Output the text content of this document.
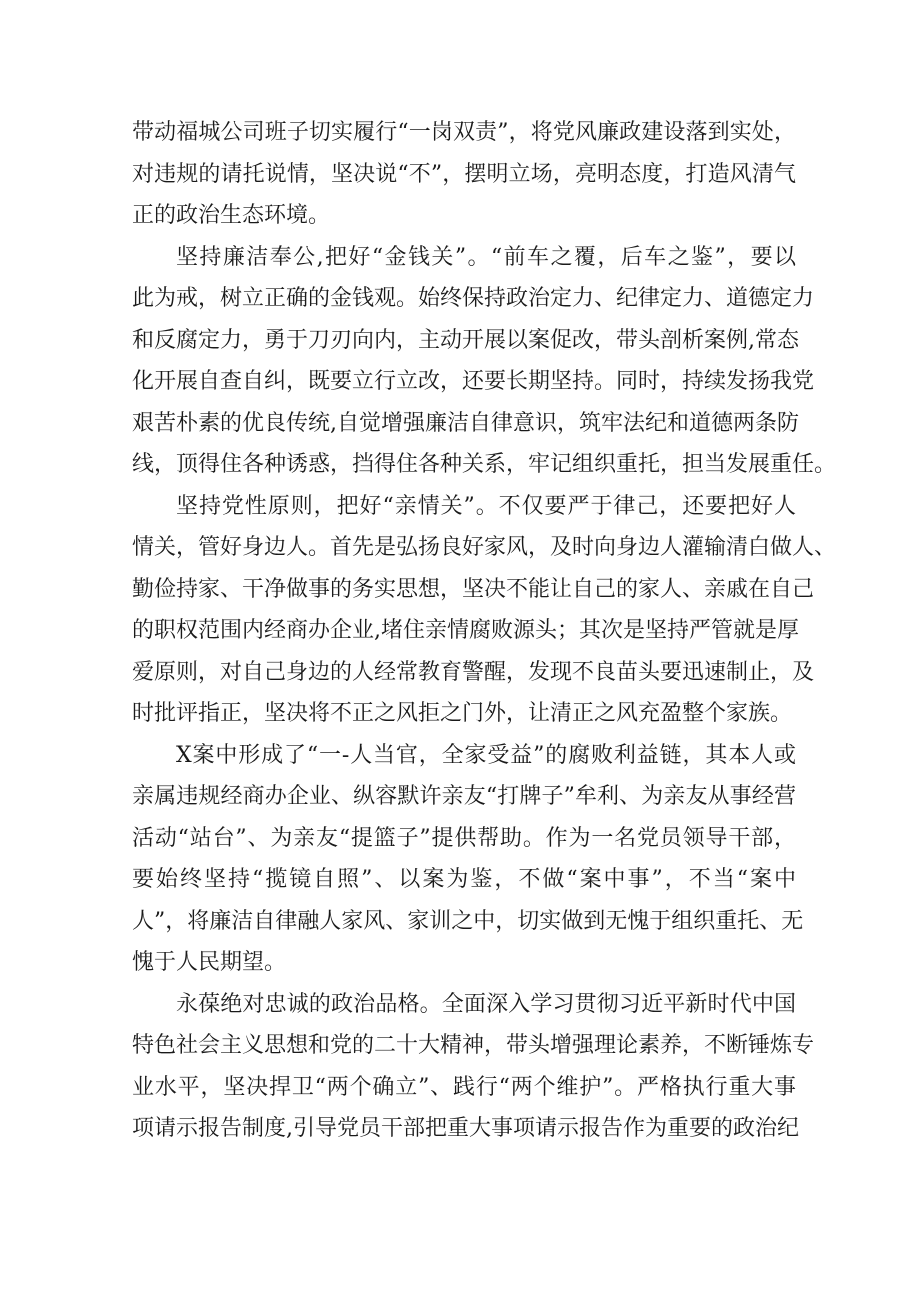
带动福城公司班子切实履行“一岗双责”，将党风廉政建设落到实处，
对违规的请托说情，坚决说“不”，摆明立场，亮明态度，打造风清气
正的政治生态环境。
坚持廉洁奉公,把好“金钱关”。“前车之覆，后车之鉴”，要以
此为戒，树立正确的金钱观。始终保持政治定力、纪律定力、道德定力
和反腐定力，勇于刀刃向内，主动开展以案促改，带头剖析案例,常态
化开展自查自纠，既要立行立改，还要长期坚持。同时，持续发扬我党
艰苦朴素的优良传统,自觉增强廉洁自律意识，筑牢法纪和道德两条防
线，顶得住各种诱惑，挡得住各种关系，牢记组织重托，担当发展重任。
坚持党性原则，把好“亲情关”。不仅要严于律己，还要把好人
情关，管好身边人。首先是弘扬良好家风，及时向身边人灌输清白做人、
勤俭持家、干净做事的务实思想，坚决不能让自己的家人、亲戚在自己
的职权范围内经商办企业,堵住亲情腐败源头；其次是坚持严管就是厚
爱原则，对自己身边的人经常教育警醒，发现不良苗头要迅速制止，及
时批评指正，坚决将不正之风拒之门外，让清正之风充盈整个家族。
X案中形成了“一-人当官，全家受益”的腐败利益链，其本人或
亲属违规经商办企业、纵容默许亲友“打牌子”牟利、为亲友从事经营
活动“站台”、为亲友“提篮子”提供帮助。作为一名党员领导干部，
要始终坚持“揽镜自照”、以案为鉴，不做“案中事”，不当“案中
人”，将廉洁自律融人家风、家训之中，切实做到无愧于组织重托、无
愧于人民期望。
永葆绝对忠诚的政治品格。全面深入学习贯彻习近平新时代中国
特色社会主义思想和党的二十大精神，带头增强理论素养，不断锤炼专
业水平，坚决捍卫“两个确立”、践行“两个维护”。严格执行重大事
项请示报告制度,引导党员干部把重大事项请示报告作为重要的政治纪
